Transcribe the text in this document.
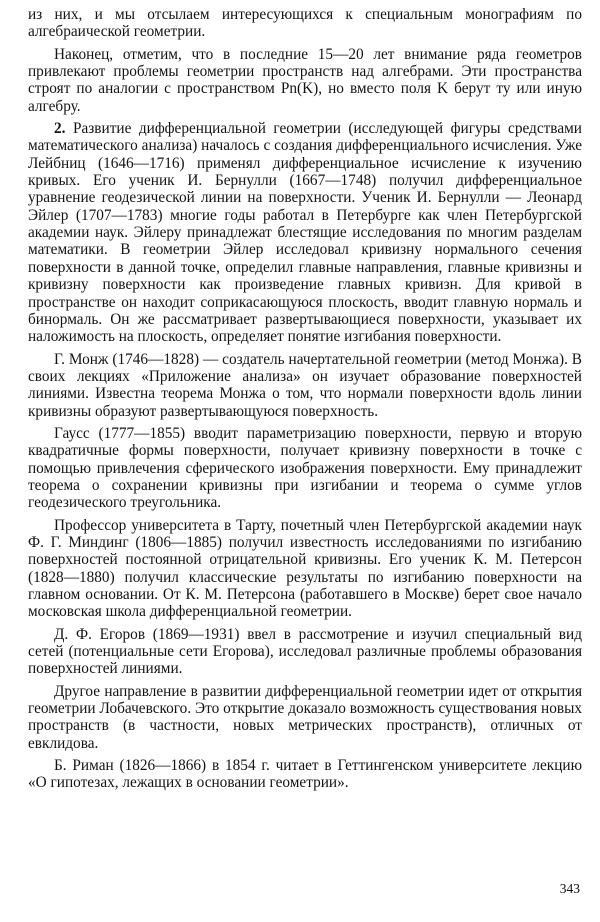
из них, и мы отсылаем интересующихся к специальным монографиям по алгебраической геометрии.

Наконец, отметим, что в последние 15—20 лет внимание ряда геометров привлекают проблемы геометрии пространств над алгебрами. Эти пространства строят по аналогии с пространством Pn(K), но вместо поля K берут ту или иную алгебру.

2. Развитие дифференциальной геометрии (исследующей фигуры средствами математического анализа) началось с создания дифференциального исчисления. Уже Лейбниц (1646—1716) применял дифференциальное исчисление к изучению кривых. Его ученик И. Бернулли (1667—1748) получил дифференциальное уравнение геодезической линии на поверхности. Ученик И. Бернулли — Леонард Эйлер (1707—1783) многие годы работал в Петербурге как член Петербургской академии наук. Эйлеру принадлежат блестящие исследования по многим разделам математики. В геометрии Эйлер исследовал кривизну нормального сечения поверхности в данной точке, определил главные направления, главные кривизны и кривизну поверхности как произведение главных кривизн. Для кривой в пространстве он находит соприкасающуюся плоскость, вводит главную нормаль и бинормаль. Он же рассматривает развертывающиеся поверхности, указывает их наложимость на плоскость, определяет понятие изгибания поверхности.

Г. Монж (1746—1828) — создатель начертательной геометрии (метод Монжа). В своих лекциях «Приложение анализа» он изучает образование поверхностей линиями. Известна теорема Монжа о том, что нормали поверхности вдоль линии кривизны образуют развертывающуюся поверхность.

Гаусс (1777—1855) вводит параметризацию поверхности, первую и вторую квадратичные формы поверхности, получает кривизну поверхности в точке с помощью привлечения сферического изображения поверхности. Ему принадлежит теорема о сохранении кривизны при изгибании и теорема о сумме углов геодезического треугольника.

Профессор университета в Тарту, почетный член Петербургской академии наук Ф. Г. Миндинг (1806—1885) получил известность исследованиями по изгибанию поверхностей постоянной отрицательной кривизны. Его ученик К. М. Петерсон (1828—1880) получил классические результаты по изгибанию поверхности на главном основании. От К. М. Петерсона (работавшего в Москве) берет свое начало московская школа дифференциальной геометрии.

Д. Ф. Егоров (1869—1931) ввел в рассмотрение и изучил специальный вид сетей (потенциальные сети Егорова), исследовал различные проблемы образования поверхностей линиями.

Другое направление в развитии дифференциальной геометрии идет от открытия геометрии Лобачевского. Это открытие доказало возможность существования новых пространств (в частности, новых метрических пространств), отличных от евклидова.

Б. Риман (1826—1866) в 1854 г. читает в Геттингенском университете лекцию «О гипотезах, лежащих в основании геометрии».

343
